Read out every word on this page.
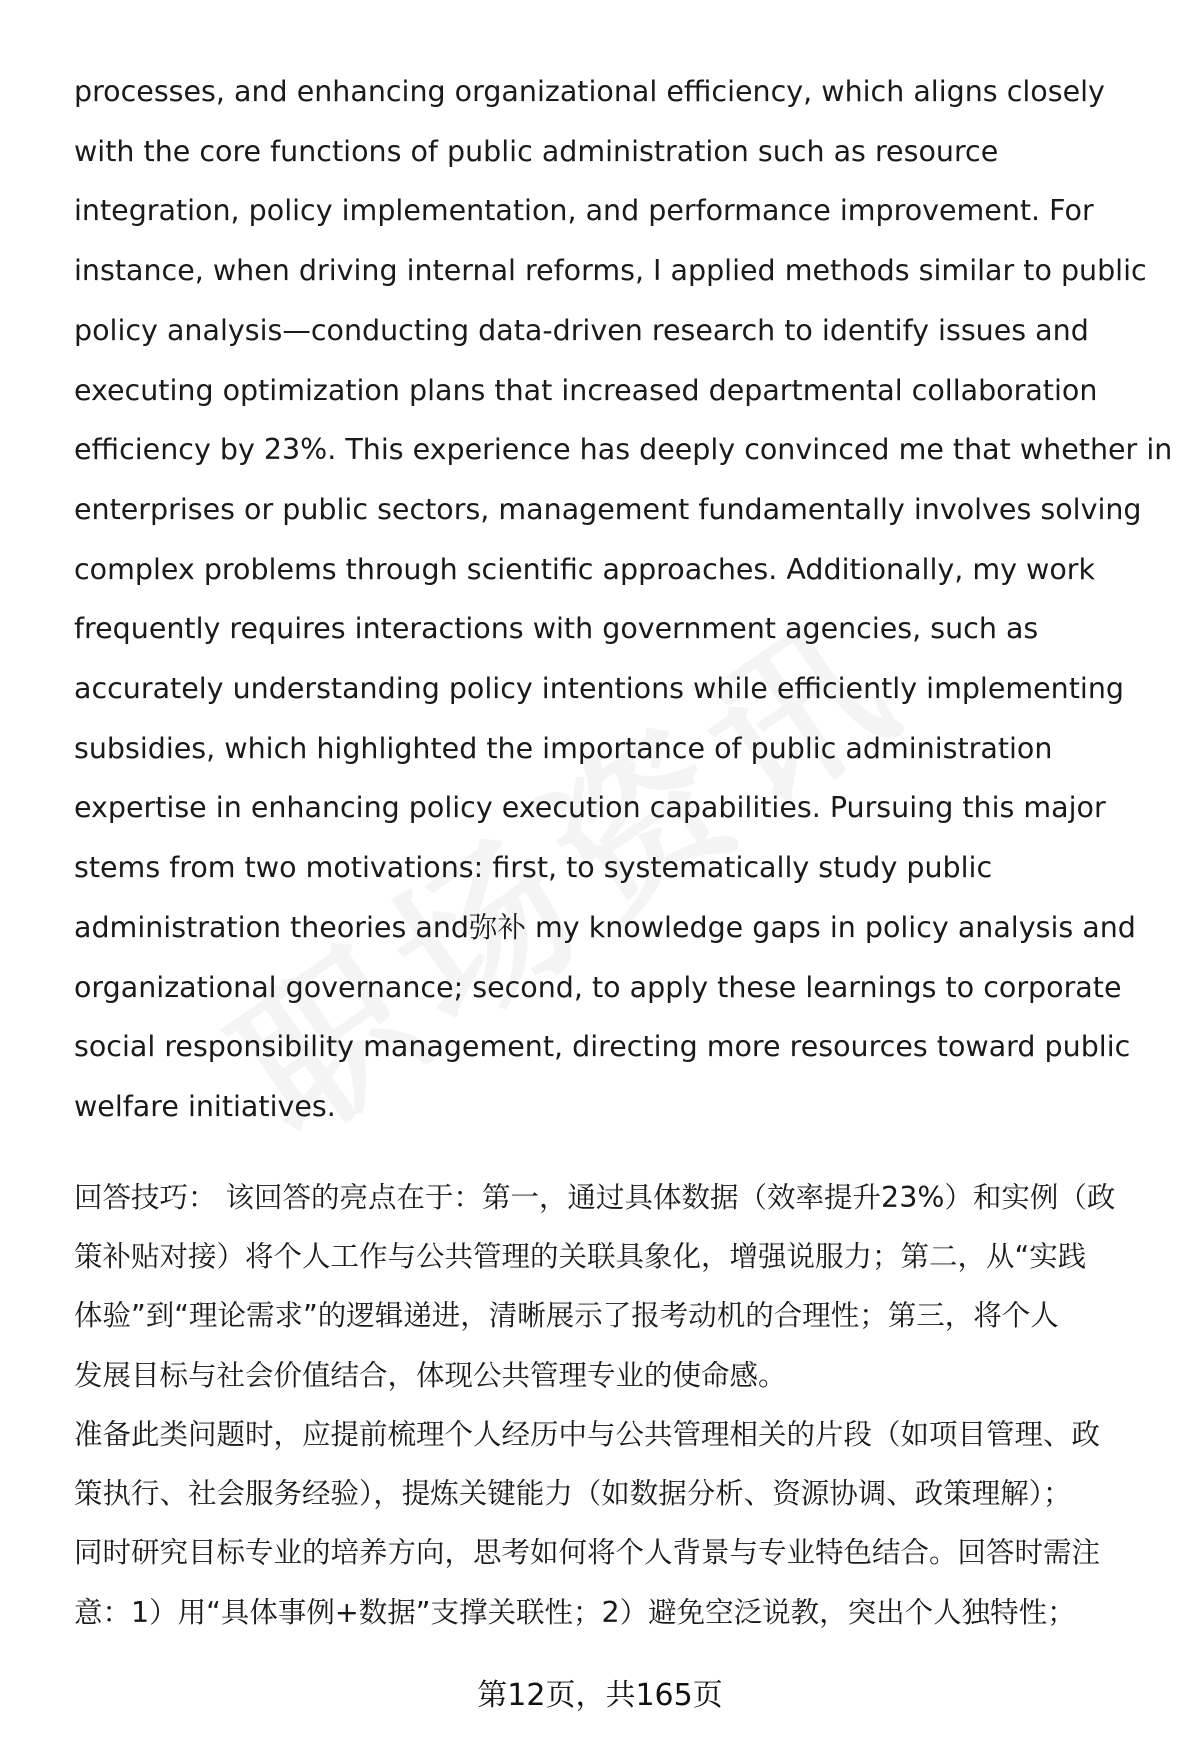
processes, and enhancing organizational efficiency, which aligns closely
with the core functions of public administration such as resource
integration, policy implementation, and performance improvement. For
instance, when driving internal reforms, I applied methods similar to public
policy analysis—conducting data-driven research to identify issues and
executing optimization plans that increased departmental collaboration
efficiency by 23%. This experience has deeply convinced me that whether in
enterprises or public sectors, management fundamentally involves solving
complex problems through scientific approaches. Additionally, my work
frequently requires interactions with government agencies, such as
accurately understanding policy intentions while efficiently implementing
subsidies, which highlighted the importance of public administration
expertise in enhancing policy execution capabilities. Pursuing this major
stems from two motivations: first, to systematically study public
administration theories and弥补 my knowledge gaps in policy analysis and
organizational governance; second, to apply these learnings to corporate
social responsibility management, directing more resources toward public
welfare initiatives.

回答技巧： 该回答的亮点在于：第一，通过具体数据（效率提升23%）和实例（政
策补贴对接）将个人工作与公共管理的关联具象化，增强说服力；第二，从“实践
体验”到“理论需求”的逻辑递进，清晰展示了报考动机的合理性；第三，将个人
发展目标与社会价值结合，体现公共管理专业的使命感。

准备此类问题时，应提前梳理个人经历中与公共管理相关的片段（如项目管理、政
策执行、社会服务经验），提炼关键能力（如数据分析、资源协调、政策理解）；
同时研究目标专业的培养方向，思考如何将个人背景与专业特色结合。回答时需注
意：1）用“具体事例+数据”支撑关联性；2）避免空泛说教，突出个人独特性；

第12页，共165页
